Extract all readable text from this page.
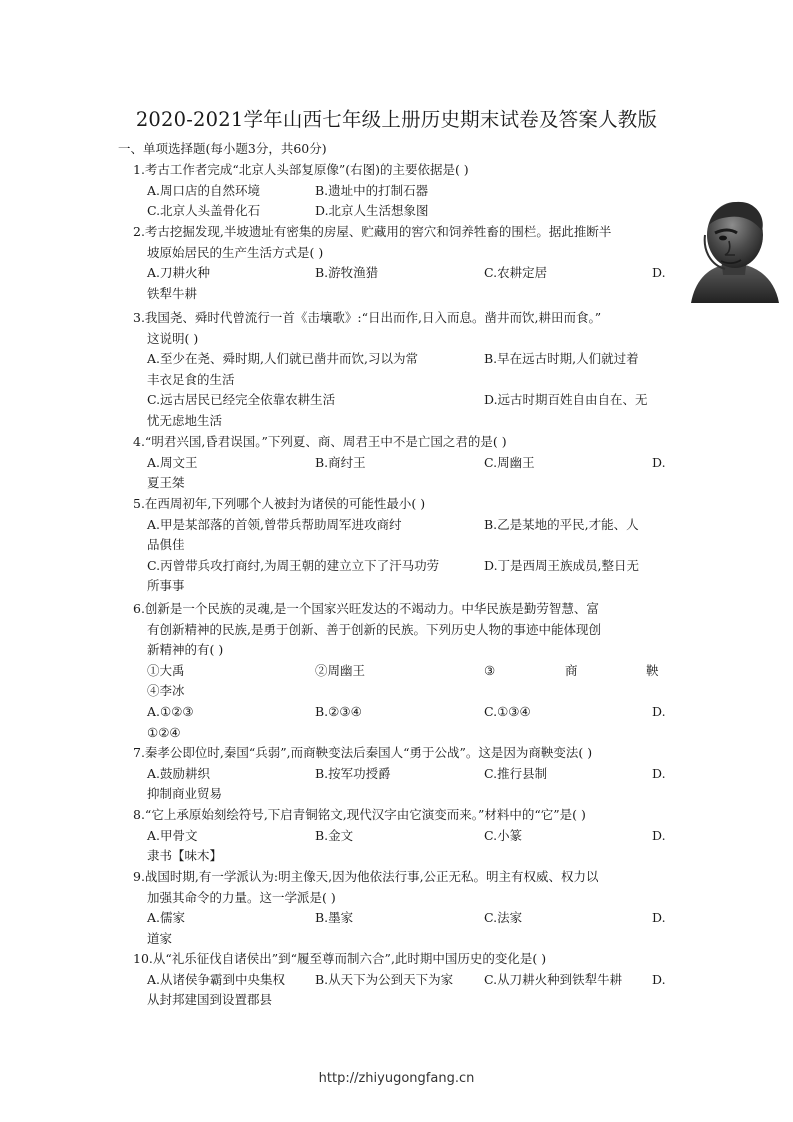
2020-2021学年山西七年级上册历史期末试卷及答案人教版
一、单项选择题(每小题3分，共60分)
1.考古工作者完成“北京人头部复原像”(右图)的主要依据是( )
A.周口店的自然环境	B.遗址中的打制石器
C.北京人头盖骨化石	D.北京人生活想象图
2.考古挖掘发现,半坡遗址有密集的房屋、贮藏用的窖穴和饲养牲畜的围栏。据此推断半
坡原始居民的生产生活方式是( )
A.刀耕火种	B.游牧渔猎	C.农耕定居	D.
铁犁牛耕
3.我国尧、舜时代曾流行一首《击壤歌》:“日出而作,日入而息。凿井而饮,耕田而食。”
这说明( )
A.至少在尧、舜时期,人们就已凿井而饮,习以为常	B.早在远古时期,人们就过着
丰衣足食的生活
C.远古居民已经完全依靠农耕生活	D.远古时期百姓自由自在、无
忧无虑地生活
4.“明君兴国,昏君误国。”下列夏、商、周君王中不是亡国之君的是( )
A.周文王	B.商纣王	C.周幽王	D.
夏王桀
5.在西周初年,下列哪个人被封为诸侯的可能性最小( )
A.甲是某部落的首领,曾带兵帮助周军进攻商纣	B.乙是某地的平民,才能、人
品俱佳
C.丙曾带兵攻打商纣,为周王朝的建立立下了汗马功劳	D.丁是西周王族成员,整日无
所事事
6.创新是一个民族的灵魂,是一个国家兴旺发达的不竭动力。中华民族是勤劳智慧、富
有创新精神的民族,是勇于创新、善于创新的民族。下列历史人物的事迹中能体现创
新精神的有( )
①大禹	②周幽王	③	商	鞅
④李冰
A.①②③	B.②③④	C.①③④	D.
①②④
7.秦孝公即位时,秦国“兵弱”,而商鞅变法后秦国人“勇于公战”。这是因为商鞅变法( )
A.鼓励耕织	B.按军功授爵	C.推行县制	D.
抑制商业贸易
8.“它上承原始刻绘符号,下启青铜铭文,现代汉字由它演变而来。”材料中的“它”是( )
A.甲骨文	B.金文	C.小篆	D.
隶书【味木】
9.战国时期,有一学派认为:明主像天,因为他依法行事,公正无私。明主有权威、权力以
加强其命令的力量。这一学派是( )
A.儒家	B.墨家	C.法家	D.
道家
10.从“礼乐征伐自诸侯出”到“履至尊而制六合”,此时期中国历史的变化是( )
A.从诸侯争霸到中央集权 B.从天下为公到天下为家 C.从刀耕火种到铁犁牛耕 D.
从封邦建国到设置郡县
http://zhiyugongfang.cn
